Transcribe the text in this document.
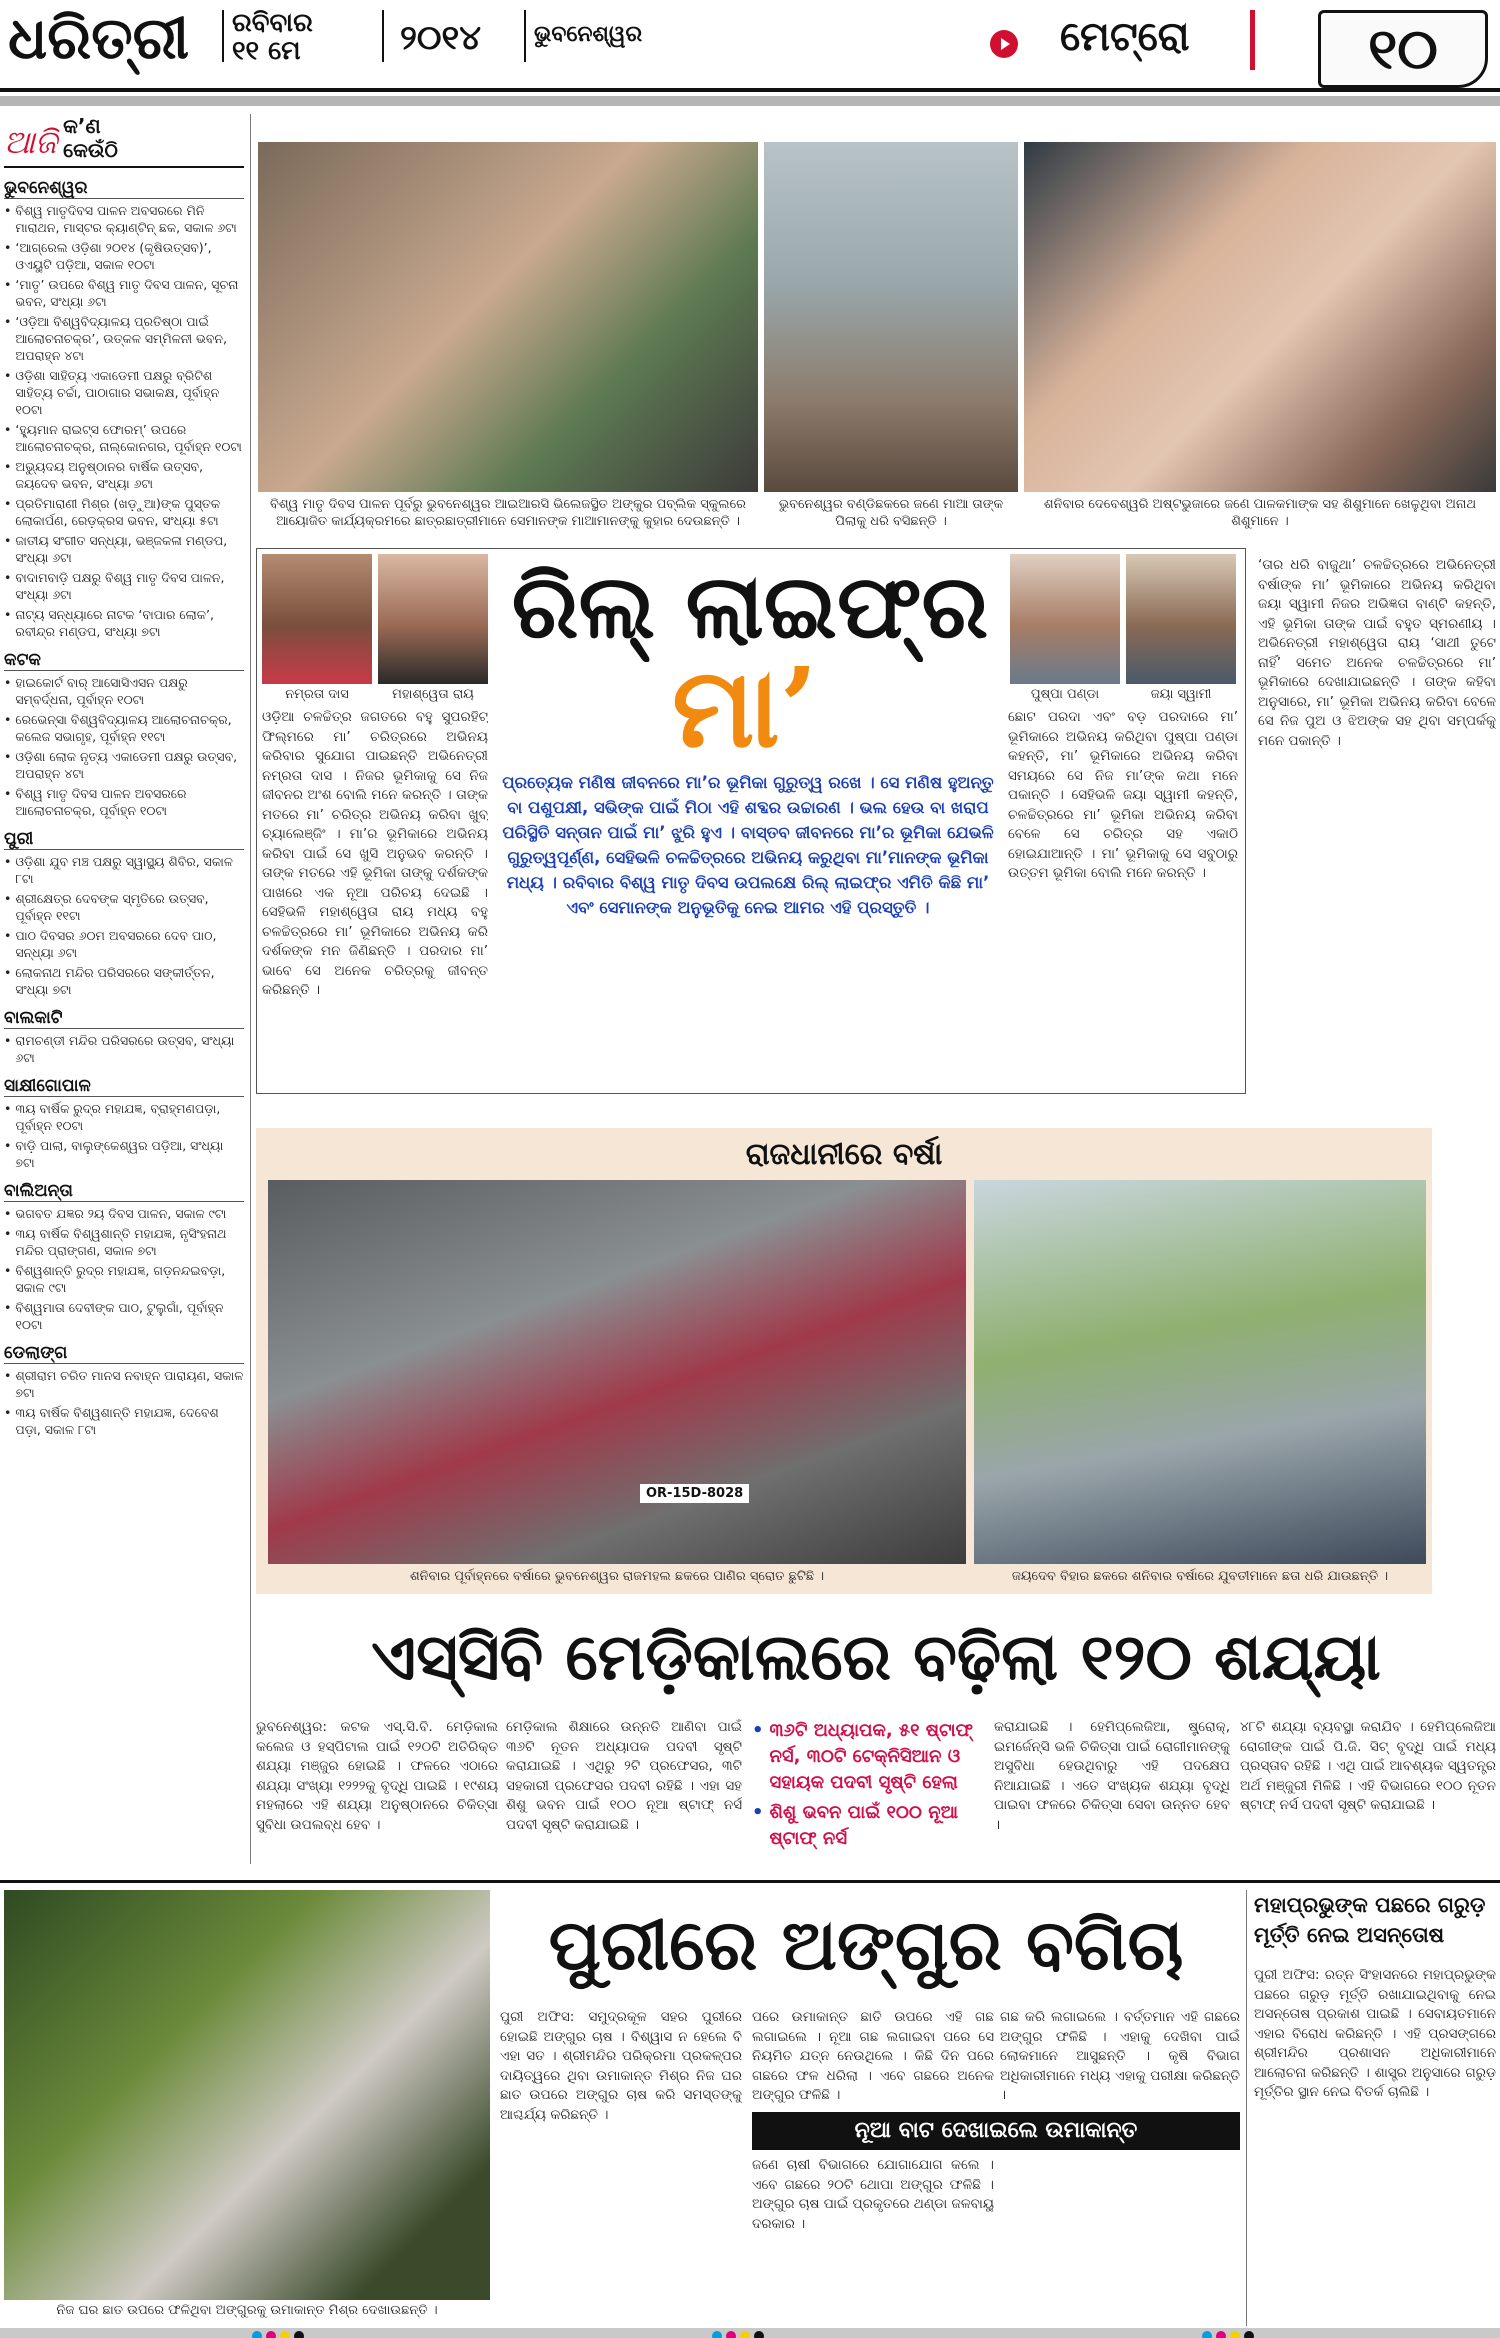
ଧରିତ୍ରୀ	ରବିବାର
୧୧ ମେ	୨୦୧୪	ଭୁବନେଶ୍ୱର	ମେଟ୍ରୋ	୧୦
ଆଜି କ’ଣ
କେଉଁଠି
ଭୁବନେଶ୍ୱର
• ବିଶ୍ୱ ମାତୃଦିବସ ପାଳନ ଅବସରରେ ମିନି ମାରାଥନ, ମାସ୍ଟର କ୍ୟାଣ୍ଟିନ୍ ଛକ, ସକାଳ ୬ଟା
• ‘ଆଗ୍ରେଲ ଓଡ଼ିଶା ୨୦୧୪ (କୃଷିଉତ୍ସବ)’, ଓଏୟୁଟି ପଡ଼ିଆ, ସକାଳ ୧୦ଟା
• ‘ମାତୃ’ ଉପରେ ବିଶ୍ୱ ମାତୃ ଦିବସ ପାଳନ, ସୂଚନା ଭବନ, ସଂଧ୍ୟା ୬ଟା
• ‘ଓଡ଼ିଆ ବିଶ୍ୱବିଦ୍ୟାଳୟ ପ୍ରତିଷ୍ଠା ପାଇଁ ଆଲୋଚନାଚକ୍ର’, ଉତ୍କଳ ସମ୍ମିଳନୀ ଭବନ, ଅପରାହ୍ନ ୪ଟା
• ଓଡ଼ିଶା ସାହିତ୍ୟ ଏକାଡେମୀ ପକ୍ଷରୁ ବ୍ରିଟିଶ ସାହିତ୍ୟ ଚର୍ଚ୍ଚା, ପାଠାଗାର ସଭାକକ୍ଷ, ପୂର୍ବାହ୍ନ ୧୦ଟା
• ‘ହ୍ୟୁମାନ ରାଇଟ୍‌ସ ଫୋରମ୍‌’ ଉପରେ ଆଲୋଚନାଚକ୍ର, ନାଲ୍‌କୋନଗର, ପୂର୍ବାହ୍ନ ୧୦ଟା
• ଅଭ୍ୟୁଦୟ ଅନୁଷ୍ଠାନର ବାର୍ଷିକ ଉତ୍ସବ, ଜୟଦେବ ଭବନ, ସଂଧ୍ୟା ୬ଟା
• ପ୍ରତିମାରାଣୀ ମିଶ୍ର (ଖଡ଼ୁଆ)ଙ୍କ ପୁସ୍ତକ ଲୋକାର୍ପଣ, ରେଡ଼କ୍ରସ ଭବନ, ସଂଧ୍ୟା ୫ଟା
• ଜାତୀୟ ସଂଗୀତ ସନ୍ଧ୍ୟା, ଭଞ୍ଜକଳା ମଣ୍ଡପ, ସଂଧ୍ୟା ୬ଟା
• ବାଦାମବାଡ଼ି ପକ୍ଷରୁ ବିଶ୍ୱ ମାତୃ ଦିବସ ପାଳନ, ସଂଧ୍ୟା ୬ଟା
• ନାଟ୍ୟ ସନ୍ଧ୍ୟାରେ ନାଟକ ‘ବାପାର ଲୋକ’, ରବୀନ୍ଦ୍ର ମଣ୍ଡପ, ସଂଧ୍ୟା ୭ଟା
କଟକ
• ହାଇକୋର୍ଟ ବାର୍ ଆସୋସିଏସନ ପକ୍ଷରୁ ସମ୍ବର୍ଦ୍ଧନା, ପୂର୍ବାହ୍ନ ୧୦ଟା
• ରେଭେନ୍ସା ବିଶ୍ୱବିଦ୍ୟାଳୟ ଆଲୋଚନାଚକ୍ର, କଲେଜ ସଭାଗୃହ, ପୂର୍ବାହ୍ନ ୧୧ଟା
• ଓଡ଼ିଶା ଲୋକ ନୃତ୍ୟ ଏକାଡେମୀ ପକ୍ଷରୁ ଉତ୍ସବ, ଅପରାହ୍ନ ୪ଟା
• ବିଶ୍ୱ ମାତୃ ଦିବସ ପାଳନ ଅବସରରେ ଆଲୋଚନାଚକ୍ର, ପୂର୍ବାହ୍ନ ୧୦ଟା
ପୁରୀ
• ଓଡ଼ିଶା ଯୁବ ମଞ୍ଚ ପକ୍ଷରୁ ସ୍ୱାସ୍ଥ୍ୟ ଶିବିର, ସକାଳ ୮ଟା
• ଶ୍ରୀକ୍ଷେତ୍ର ଦେବଙ୍କ ସ୍ମୃତିରେ ଉତ୍ସବ, ପୂର୍ବାହ୍ନ ୧୧ଟା
• ପାଠ ଦିବସର ୬୦ମ ଅବସରରେ ଦେବ ପାଠ, ସନ୍ଧ୍ୟା ୬ଟା
• ଲୋକନାଥ ମନ୍ଦିର ପରିସରରେ ସଙ୍କୀର୍ତ୍ତନ, ସଂଧ୍ୟା ୭ଟା
ବାଲକାଟି
• ରାମଚଣ୍ଡୀ ମନ୍ଦିର ପରିସରରେ ଉତ୍ସବ, ସଂଧ୍ୟା ୬ଟା
ସାକ୍ଷୀଗୋପାଳ
• ୩ୟ ବାର୍ଷିକ ରୁଦ୍ର ମହାଯଜ୍ଞ, ବ୍ରାହ୍ମଣପଡ଼ା, ପୂର୍ବାହ୍ନ ୧୦ଟା
• ବାଡ଼ି ପାଲା, ବାଲୁଙ୍କେଶ୍ୱର ପଡ଼ିଆ, ସଂଧ୍ୟା ୭ଟା
ବାଲିଅନ୍ତା
• ଭଗବତ ଯଜ୍ଞର ୨ୟ ଦିବସ ପାଳନ, ସକାଳ ୯ଟା
• ୩ୟ ବାର୍ଷିକ ବିଶ୍ୱଶାନ୍ତି ମହାଯଜ୍ଞ, ନୃସିଂହନାଥ ମନ୍ଦିର ପ୍ରାଙ୍ଗଣ, ସକାଳ ୭ଟା
• ବିଶ୍ୱଶାନ୍ତି ରୁଦ୍ର ମହାଯଜ୍ଞ, ଗଡ଼ନନ୍ଦଇବଡ଼ା, ସକାଳ ୯ଟା
• ବିଶ୍ୱମାତା ଦେବୀଙ୍କ ପାଠ, ଟୁଲୁଗାଁ, ପୂର୍ବାହ୍ନ ୧୦ଟା
ଡେଲାଙ୍ଗ
• ଶ୍ରୀରାମ ଚରିତ ମାନସ ନବାହ୍ନ ପାରାୟଣ, ସକାଳ ୭ଟା
• ୩ୟ ବାର୍ଷିକ ବିଶ୍ୱଶାନ୍ତି ମହାଯଜ୍ଞ, ଦେବେଶ ପଡ଼ା, ସକାଳ ୮ଟା
ବିଶ୍ୱ ମାତୃ ଦିବସ ପାଳନ ପୂର୍ବରୁ ଭୁବନେଶ୍ୱର ଆଇଆରସି ଭିଲେଜସ୍ଥିତ ଅଙ୍କୁର ପବ୍ଲିକ ସ୍କୁଲରେ ଆୟୋଜିତ କାର୍ଯ୍ୟକ୍ରମରେ ଛାତ୍ରଛାତ୍ରୀମାନେ ସେମାନଙ୍କ ମାଆମାନଙ୍କୁ କୁହାର ଦେଉଛନ୍ତି ।
ଭୁବନେଶ୍ୱର ବଣ୍ଡିଛକରେ ଜଣେ ମାଆ ତାଙ୍କ ପିଲାକୁ ଧରି ବସିଛନ୍ତି ।
ଶନିବାର ଦେବେଶ୍ୱରି ଅଷ୍ଟଭୁଜାରେ ଜଣେ ପାଳକମାଙ୍କ ସହ ଶିଶୁମାନେ ଖେଳୁଥିବା ଅନାଥ ଶିଶୁମାନେ ।
ନମ୍ରତା ଦାସ	ମହାଶ୍ୱେତା ରାୟ
ରିଲ୍ ଲାଇଫ୍‌ର
ମା’	ପୁଷ୍ପା ପଣ୍ଡା	ଜୟା ସ୍ୱାମୀ
ଓଡ଼ିଆ ଚଳଚ୍ଚିତ୍ର ଜଗତରେ ବହୁ ସୁପରହିଟ୍ ଫିଲ୍ମରେ ମା’ ଚରିତ୍ରରେ ଅଭିନୟ କରିବାର ସୁଯୋଗ ପାଇଛନ୍ତି ଅଭିନେତ୍ରୀ ନମ୍ରତା ଦାସ । ନିଜର ଭୂମିକାକୁ ସେ ନିଜ ଜୀବନର ଅଂଶ ବୋଲି ମନେ କରନ୍ତି । ତାଙ୍କ ମତରେ ମା’ ଚରିତ୍ର ଅଭିନୟ କରିବା ଖୁବ୍ ଚ୍ୟାଲେଞ୍ଜିଂ । ମା’ର ଭୂମିକାରେ ଅଭିନୟ କରିବା ପାଇଁ ସେ ଖୁସି ଅନୁଭବ କରନ୍ତି । ତାଙ୍କ ମତରେ ଏହି ଭୂମିକା ତାଙ୍କୁ ଦର୍ଶକଙ୍କ ପାଖରେ ଏକ ନୂଆ ପରିଚୟ ଦେଇଛି । ସେହିଭଳି ମହାଶ୍ୱେତା ରାୟ ମଧ୍ୟ ବହୁ ଚଳଚ୍ଚିତ୍ରରେ ମା’ ଭୂମିକାରେ ଅଭିନୟ କରି ଦର୍ଶକଙ୍କ ମନ ଜିଣିଛନ୍ତି । ପରଦାର ମା’ ଭାବେ ସେ ଅନେକ ଚରିତ୍ରକୁ ଜୀବନ୍ତ କରିଛନ୍ତି ।
ପ୍ରତ୍ୟେକ ମଣିଷ ଜୀବନରେ ମା’ର ଭୂମିକା ଗୁରୁତ୍ୱ ରଖେ । ସେ ମଣିଷ ହୁଅନ୍ତୁ ବା ପଶୁପକ୍ଷୀ, ସଭିଙ୍କ ପାଇଁ ମିଠା ଏହି ଶବ୍ଦର ଉଚ୍ଚାରଣ । ଭଲ ହେଉ ବା ଖରାପ ପରିସ୍ଥିତି ସନ୍ତାନ ପାଇଁ ମା’ ଝୁରି ହୁଏ । ବାସ୍ତବ ଜୀବନରେ ମା’ର ଭୂମିକା ଯେଭଳି ଗୁରୁତ୍ୱପୂର୍ଣ୍ଣ, ସେହିଭଳି ଚଳଚ୍ଚିତ୍ରରେ ଅଭିନୟ କରୁଥିବା ମା’ମାନଙ୍କ ଭୂମିକା ମଧ୍ୟ । ରବିବାର ବିଶ୍ୱ ମାତୃ ଦିବସ ଉପଲକ୍ଷେ ରିଲ୍ ଲାଇଫ୍‌ର ଏମିତି କିଛି ମା’ ଏବଂ ସେମାନଙ୍କ ଅନୁଭୂତିକୁ ନେଇ ଆମର ଏହି ପ୍ରସ୍ତୁତି ।
ଛୋଟ ପରଦା ଏବଂ ବଡ଼ ପରଦାରେ ମା’ ଭୂମିକାରେ ଅଭିନୟ କରିଥିବା ପୁଷ୍ପା ପଣ୍ଡା କହନ୍ତି, ମା’ ଭୂମିକାରେ ଅଭିନୟ କରିବା ସମୟରେ ସେ ନିଜ ମା’ଙ୍କ କଥା ମନେ ପକାନ୍ତି । ସେହିଭଳି ଜୟା ସ୍ୱାମୀ କହନ୍ତି, ଚଳଚ୍ଚିତ୍ରରେ ମା’ ଭୂମିକା ଅଭିନୟ କରିବା ବେଳେ ସେ ଚରିତ୍ର ସହ ଏକାଠି ହୋଇଯାଆନ୍ତି । ମା’ ଭୂମିକାକୁ ସେ ସବୁଠାରୁ ଉତ୍ତମ ଭୂମିକା ବୋଲି ମନେ କରନ୍ତି ।
‘ତାର ଧରି ବାଜୁଥା’ ଚଳଚ୍ଚିତ୍ରରେ ଅଭିନେତ୍ରୀ ବର୍ଷାଙ୍କ ମା’ ଭୂମିକାରେ ଅଭିନୟ କରିଥିବା ଜୟା ସ୍ୱାମୀ ନିଜର ଅଭିଜ୍ଞତା ବାଣ୍ଟି କହନ୍ତି, ଏହି ଭୂମିକା ତାଙ୍କ ପାଇଁ ବହୁତ ସ୍ମରଣୀୟ । ଅଭିନେତ୍ରୀ ମହାଶ୍ୱେତା ରାୟ ‘ସାଥୀ ତୁଟେ ନାହିଁ’ ସମେତ ଅନେକ ଚଳଚ୍ଚିତ୍ରରେ ମା’ ଭୂମିକାରେ ଦେଖାଯାଇଛନ୍ତି । ତାଙ୍କ କହିବା ଅନୁସାରେ, ମା’ ଭୂମିକା ଅଭିନୟ କରିବା ବେଳେ ସେ ନିଜ ପୁଅ ଓ ଝିଅଙ୍କ ସହ ଥିବା ସମ୍ପର୍କକୁ ମନେ ପକାନ୍ତି ।
ରାଜଧାନୀରେ ବର୍ଷା
OR-15D-8028
ଶନିବାର ପୂର୍ବାହ୍ନରେ ବର୍ଷାରେ ଭୁବନେଶ୍ୱର ରାଜମହଲ ଛକରେ ପାଣିର ସ୍ରୋତ ଛୁଟିଛି ।	ଜୟଦେବ ବିହାର ଛକରେ ଶନିବାର ବର୍ଷାରେ ଯୁବତୀମାନେ ଛତା ଧରି ଯାଉଛନ୍ତି ।
ଏସ୍‌ସିବି ମେଡ଼ିକାଲରେ ବଢ଼ିଲା ୧୨୦ ଶଯ୍ୟା
ଭୁବନେଶ୍ୱର: କଟକ ଏସ୍‌.ସି.ବି. ମେଡ଼ିକାଲ କଲେଜ ଓ ହସ୍ପିଟାଲ ପାଇଁ ୧୨୦ଟି ଅତିରିକ୍ତ ଶଯ୍ୟା ମଞ୍ଜୁର ହୋଇଛି । ଫଳରେ ଏଠାରେ ଶଯ୍ୟା ସଂଖ୍ୟା ୧୨୨୨କୁ ବୃଦ୍ଧି ପାଇଛି । ୧୯ଶୟ ମହଲାରେ ଏହି ଶଯ୍ୟା ଅନୁଷ୍ଠାନରେ ଚିକିତ୍ସା ସୁବିଧା ଉପଲବ୍ଧ ହେବ ।
ମେଡ଼ିକାଲ ଶିକ୍ଷାରେ ଉନ୍ନତି ଆଣିବା ପାଇଁ ୩୬ଟି ନୂତନ ଅଧ୍ୟାପକ ପଦବୀ ସୃଷ୍ଟି କରାଯାଇଛି । ଏଥିରୁ ୨ଟି ପ୍ରଫେସର, ୩ଟି ସହକାରୀ ପ୍ରଫେସର ପଦବୀ ରହିଛି । ଏହା ସହ ଶିଶୁ ଭବନ ପାଇଁ ୧୦୦ ନୂଆ ଷ୍ଟାଫ୍ ନର୍ସ ପଦବୀ ସୃଷ୍ଟି କରାଯାଇଛି ।
• ୩୬ଟି ଅଧ୍ୟାପକ, ୫୧ ଷ୍ଟାଫ୍ ନର୍ସ, ୩୦ଟି ଟେକ୍ନିସିଆନ ଓ ସହାୟକ ପଦବୀ ସୃଷ୍ଟି ହେଲା
• ଶିଶୁ ଭବନ ପାଇଁ ୧୦୦ ନୂଆ ଷ୍ଟାଫ୍ ନର୍ସ
କରାଯାଇଛି । ହେମିପ୍ଲେଜିଆ, ଷ୍ଟ୍ରୋକ୍, ଇମର୍ଜେନ୍ସି ଭଳି ଚିକିତ୍ସା ପାଇଁ ରୋଗୀମାନଙ୍କୁ ଅସୁବିଧା ହେଉଥିବାରୁ ଏହି ପଦକ୍ଷେପ ନିଆଯାଇଛି । ଏତେ ସଂଖ୍ୟକ ଶଯ୍ୟା ବୃଦ୍ଧି ପାଇବା ଫଳରେ ଚିକିତ୍ସା ସେବା ଉନ୍ନତ ହେବ ।
୪୮ଟି ଶଯ୍ୟା ବ୍ୟବସ୍ଥା କରାଯିବ । ହେମିପ୍ଲେଜିଆ ରୋଗୀଙ୍କ ପାଇଁ ପି.ଜି. ସିଟ୍ ବୃଦ୍ଧି ପାଇଁ ମଧ୍ୟ ପ୍ରସ୍ତାବ ରହିଛି । ଏଥି ପାଇଁ ଆବଶ୍ୟକ ସ୍ୱତନ୍ତ୍ର ଅର୍ଥ ମଞ୍ଜୁରୀ ମିଳିଛି । ଏହି ବିଭାଗରେ ୧୦୦ ନୂତନ ଷ୍ଟାଫ୍ ନର୍ସ ପଦବୀ ସୃଷ୍ଟି କରାଯାଇଛି ।
ନିଜ ଘର ଛାତ ଉପରେ ଫଳିଥିବା ଅଙ୍ଗୁରକୁ ଉମାକାନ୍ତ ମିଶ୍ର ଦେଖାଉଛନ୍ତି ।
ପୁରୀରେ ଅଙ୍ଗୁର ବଗିଚା
ପୁରୀ ଅଫିସ: ସମୁଦ୍ରକୂଳ ସହର ପୁରୀରେ ହୋଇଛି ଅଙ୍ଗୁର ଚାଷ । ବିଶ୍ୱାସ ନ ହେଲେ ବି ଏହା ସତ । ଶ୍ରୀମନ୍ଦିର ପରିକ୍ରମା ପ୍ରକଳ୍ପର ଦାୟିତ୍ୱରେ ଥିବା ଉମାକାନ୍ତ ମିଶ୍ର ନିଜ ଘର ଛାତ ଉପରେ ଅଙ୍ଗୁର ଚାଷ କରି ସମସ୍ତଙ୍କୁ ଆଶ୍ଚର୍ଯ୍ୟ କରିଛନ୍ତି ।
ପରେ ଉମାକାନ୍ତ ଛାତି ଉପରେ ଏହି ଗଛ ଲଗାଇଲେ । ନୂଆ ଗଛ ଲଗାଇବା ପରେ ସେ ନିୟମିତ ଯତ୍ନ ନେଉଥିଲେ । କିଛି ଦିନ ପରେ ଗଛରେ ଫଳ ଧରିଲା । ଏବେ ଗଛରେ ଅନେକ ଅଙ୍ଗୁର ଫଳିଛି ।
ନୂଆ ବାଟ ଦେଖାଇଲେ ଉମାକାନ୍ତ
ଜଣେ ଚାଷୀ ବିଭାଗରେ ଯୋଗାଯୋଗ କଲେ । ଏବେ ଗଛରେ ୨୦ଟି ଥୋପା ଅଙ୍ଗୁର ଫଳିଛି । ଅଙ୍ଗୁର ଚାଷ ପାଇଁ ପ୍ରକୃତରେ ଥଣ୍ଡା ଜଳବାୟୁ ଦରକାର ।
ଗଛ କରି ଲଗାଇଲେ । ବର୍ତ୍ତମାନ ଏହି ଗଛରେ ଅଙ୍ଗୁର ଫଳିଛି । ଏହାକୁ ଦେଖିବା ପାଇଁ ଲୋକମାନେ ଆସୁଛନ୍ତି । କୃଷି ବିଭାଗ ଅଧିକାରୀମାନେ ମଧ୍ୟ ଏହାକୁ ପରୀକ୍ଷା କରିଛନ୍ତି ।
ମହାପ୍ରଭୁଙ୍କ ପଛରେ ଗରୁଡ଼ ମୂର୍ତ୍ତି ନେଇ ଅସନ୍ତୋଷ
ପୁରୀ ଅଫିସ: ରତ୍ନ ସିଂହାସନରେ ମହାପ୍ରଭୁଙ୍କ ପଛରେ ଗରୁଡ଼ ମୂର୍ତ୍ତି ରଖାଯାଇଥିବାକୁ ନେଇ ଅସନ୍ତୋଷ ପ୍ରକାଶ ପାଇଛି । ସେବାୟତମାନେ ଏହାର ବିରୋଧ କରିଛନ୍ତି । ଏହି ପ୍ରସଙ୍ଗରେ ଶ୍ରୀମନ୍ଦିର ପ୍ରଶାସନ ଅଧିକାରୀମାନେ ଆଲୋଚନା କରିଛନ୍ତି । ଶାସ୍ତ୍ର ଅନୁସାରେ ଗରୁଡ଼ ମୂର୍ତ୍ତିର ସ୍ଥାନ ନେଇ ବିତର୍କ ଚାଲିଛି ।
